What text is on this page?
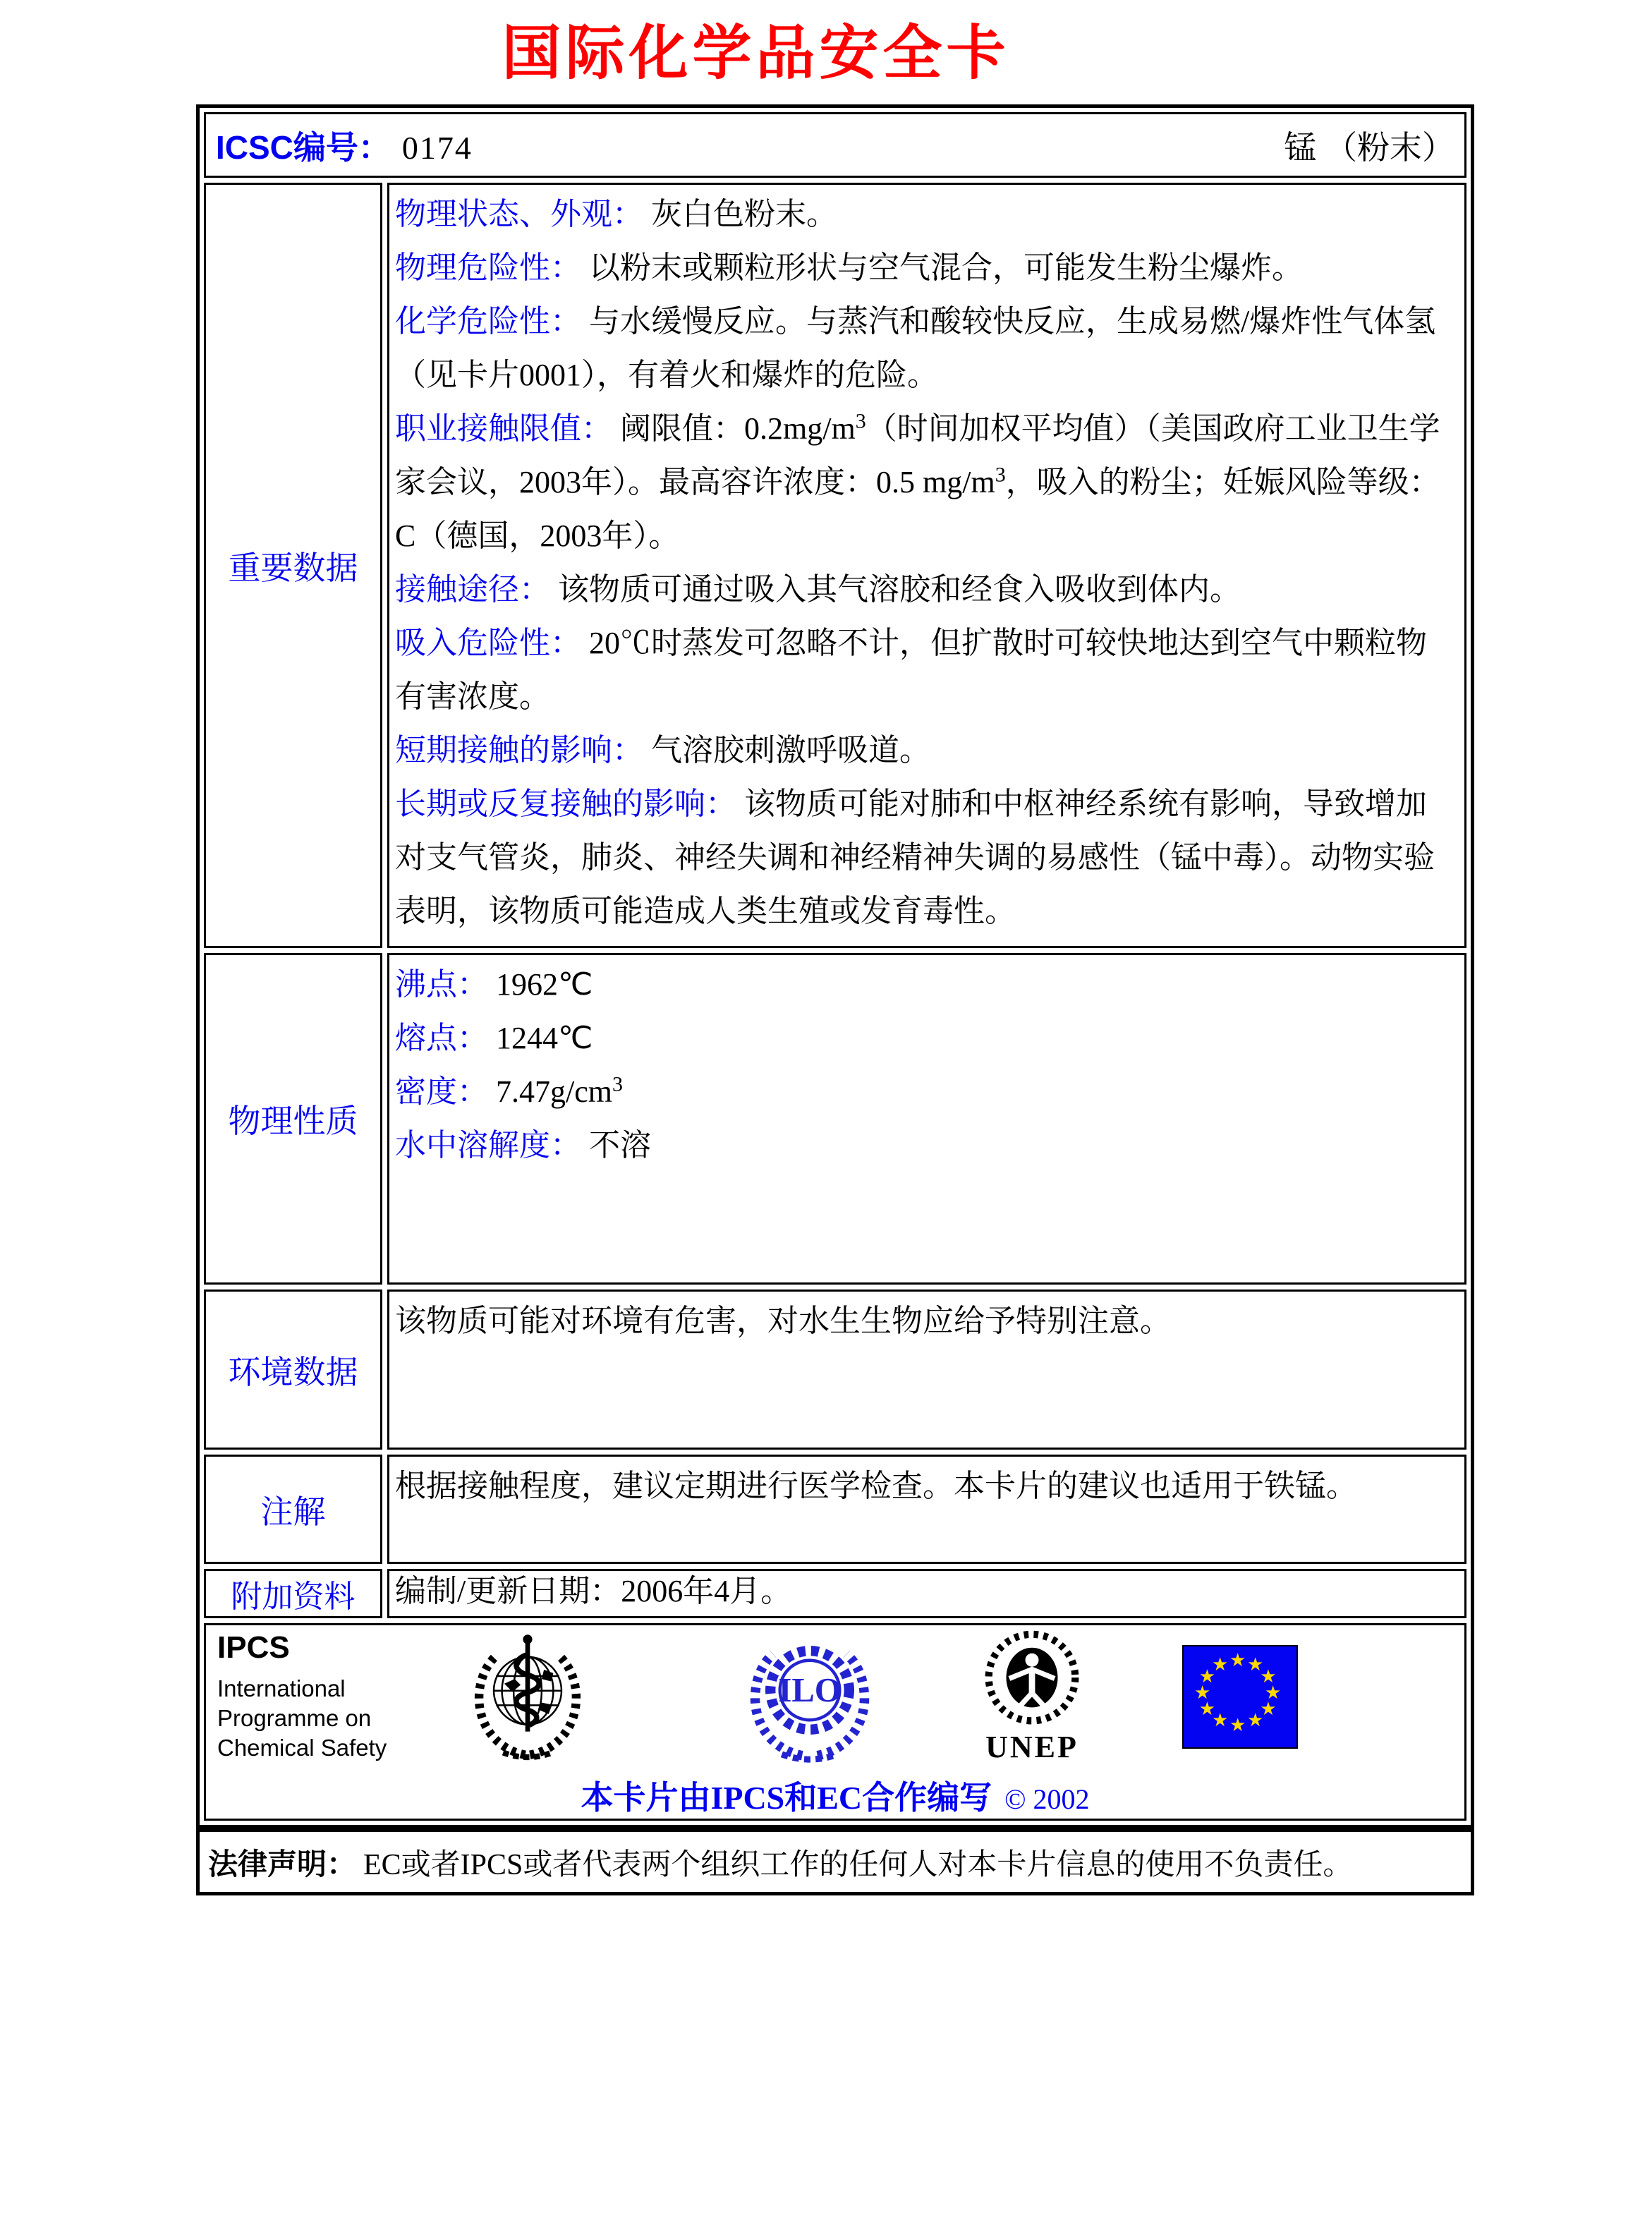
国际化学品安全卡
ICSC编号： 0174	锰 （粉末）
重要数据
物理状态、外观： 灰白色粉末。
物理危险性： 以粉末或颗粒形状与空气混合，可能发生粉尘爆炸。
化学危险性： 与水缓慢反应。与蒸汽和酸较快反应，生成易燃/爆炸性气体氢（见卡片0001），有着火和爆炸的危险。
职业接触限值： 阈限值：$0.2mg/m^3$（时间加权平均值）（美国政府工业卫生学家会议，2003年）。最高容许浓度：0.5 $mg/m^3$，吸入的粉尘；妊娠风险等级：C（德国，2003年）。
接触途径： 该物质可通过吸入其气溶胶和经食入吸收到体内。
吸入危险性： 20℃时蒸发可忽略不计，但扩散时可较快地达到空气中颗粒物有害浓度。
短期接触的影响： 气溶胶刺激呼吸道。
长期或反复接触的影响： 该物质可能对肺和中枢神经系统有影响，导致增加对支气管炎，肺炎、神经失调和神经精神失调的易感性（锰中毒）。动物实验表明，该物质可能造成人类生殖或发育毒性。
物理性质
沸点： 1962℃
熔点： 1244℃
密度： $7.47g/cm^3$
水中溶解度： 不溶
环境数据
该物质可能对环境有危害，对水生生物应给予特别注意。
注解
根据接触程度，建议定期进行医学检查。本卡片的建议也适用于铁锰。
附加资料	编制/更新日期：2006年4月。
IPCS
International
Programme on
Chemical Safety
ILO
UNEP
★ ★
★
★
★
★
★
★
★
★
★
★
本卡片由IPCS和EC合作编写 © 2002
法律声明： EC或者IPCS或者代表两个组织工作的任何人对本卡片信息的使用不负责任。
